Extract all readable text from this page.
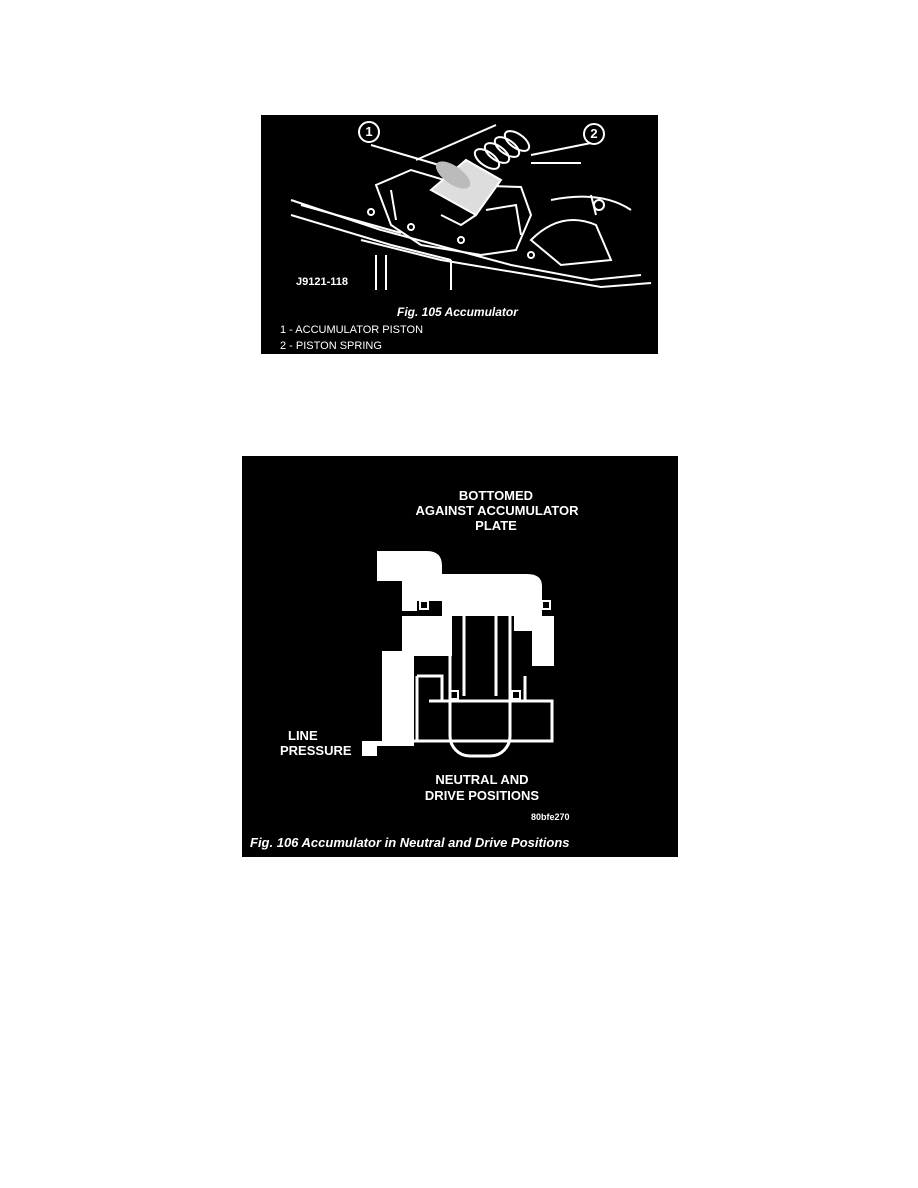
1	2
J9121-118
Fig. 105 Accumulator
1 - ACCUMULATOR PISTON
2 - PISTON SPRING
BOTTOMED
AGAINST ACCUMULATOR
PLATE
LINE
PRESSURE
NEUTRAL AND
DRIVE POSITIONS
80bfe270
Fig. 106 Accumulator in Neutral and Drive Positions
